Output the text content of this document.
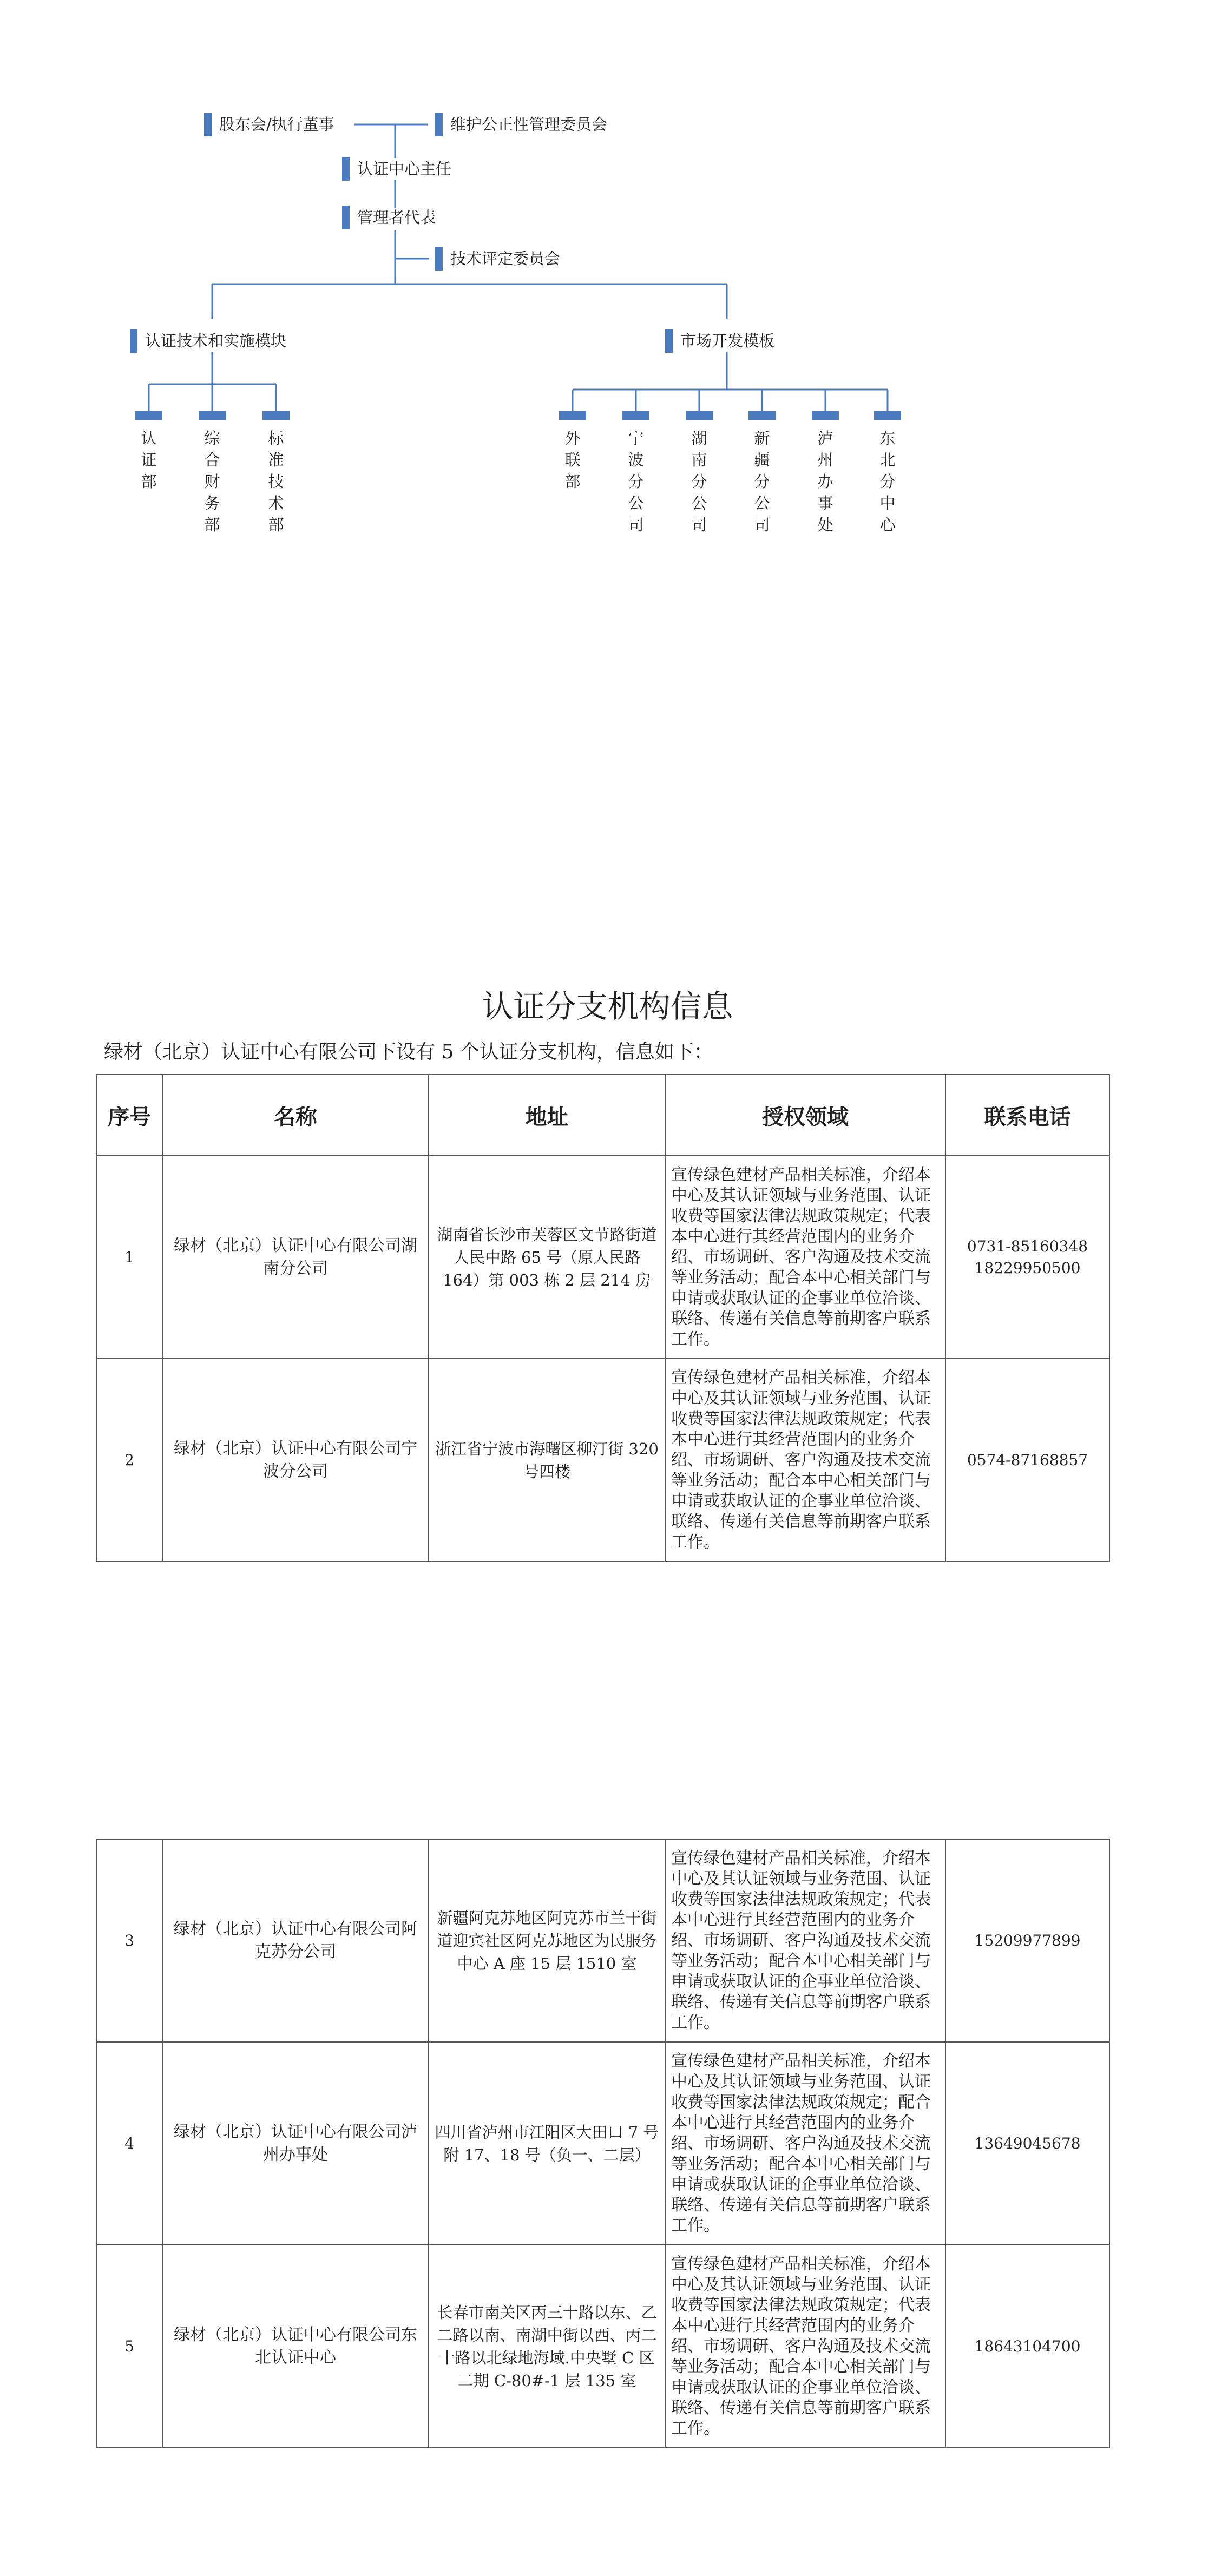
股东会/执行董事	维护公正性管理委员会
认证中心主任
管理者代表
技术评定委员会
认证技术和实施模块	市场开发模板
认证部
综合财务部
标准技术部
外联部
宁波分公司
湖南分公司
新疆分公司
泸州办事处
东北分中心
认证分支机构信息
绿材（北京）认证中心有限公司下设有 5 个认证分支机构，信息如下：
序号	名称	地址	授权领域	联系电话
1	绿材（北京）认证中心有限公司湖南分公司	湖南省长沙市芙蓉区文节路街道人民中路 65 号（原人民路 164）第 003 栋 2 层 214 房	宣传绿色建材产品相关标准，介绍本中心及其认证领域与业务范围、认证收费等国家法律法规政策规定；代表本中心进行其经营范围内的业务介绍、市场调研、客户沟通及技术交流等业务活动；配合本中心相关部门与申请或获取认证的企事业单位洽谈、联络、传递有关信息等前期客户联系工作。	0731-85160348
18229950500

2	绿材（北京）认证中心有限公司宁波分公司	浙江省宁波市海曙区柳汀街 320 号四楼	宣传绿色建材产品相关标准，介绍本中心及其认证领域与业务范围、认证收费等国家法律法规政策规定；代表本中心进行其经营范围内的业务介绍、市场调研、客户沟通及技术交流等业务活动；配合本中心相关部门与申请或获取认证的企事业单位洽谈、联络、传递有关信息等前期客户联系工作。	0574-87168857
3	绿材（北京）认证中心有限公司阿克苏分公司	新疆阿克苏地区阿克苏市兰干街道迎宾社区阿克苏地区为民服务中心 A 座 15 层 1510 室	宣传绿色建材产品相关标准，介绍本中心及其认证领域与业务范围、认证收费等国家法律法规政策规定；代表本中心进行其经营范围内的业务介绍、市场调研、客户沟通及技术交流等业务活动；配合本中心相关部门与申请或获取认证的企事业单位洽谈、联络、传递有关信息等前期客户联系工作。	15209977899

4	绿材（北京）认证中心有限公司泸州办事处	四川省泸州市江阳区大田口 7 号附 17、18 号（负一、二层）	宣传绿色建材产品相关标准，介绍本中心及其认证领域与业务范围、认证收费等国家法律法规政策规定；配合本中心进行其经营范围内的业务介绍、市场调研、客户沟通及技术交流等业务活动；配合本中心相关部门与申请或获取认证的企事业单位洽谈、联络、传递有关信息等前期客户联系工作。	13649045678

5	绿材（北京）认证中心有限公司东北认证中心	长春市南关区丙三十路以东、乙二路以南、南湖中街以西、丙二十路以北绿地海域.中央墅 C 区二期 C-80#-1 层 135 室	宣传绿色建材产品相关标准，介绍本中心及其认证领域与业务范围、认证收费等国家法律法规政策规定；代表本中心进行其经营范围内的业务介绍、市场调研、客户沟通及技术交流等业务活动；配合本中心相关部门与申请或获取认证的企事业单位洽谈、联络、传递有关信息等前期客户联系工作。	18643104700
